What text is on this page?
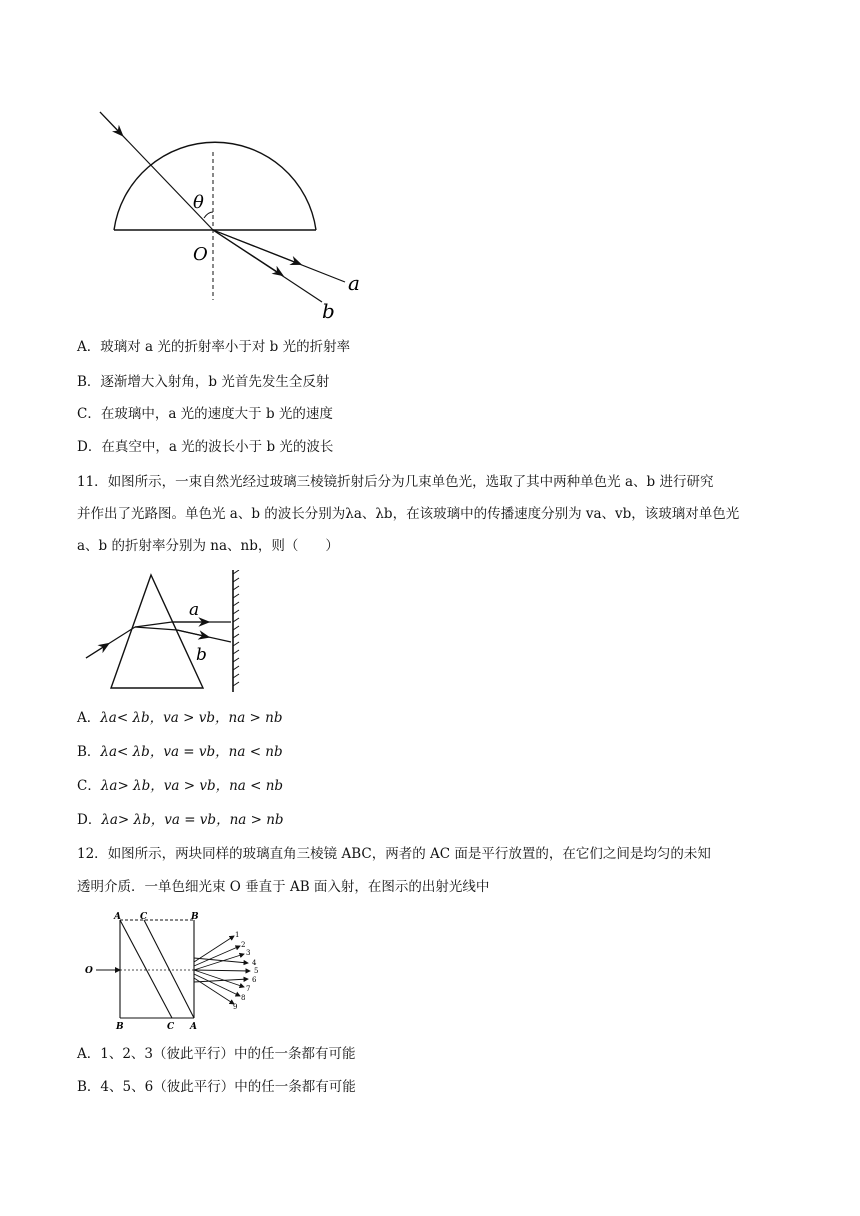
θ
O
a
b
A．玻璃对 a 光的折射率小于对 b 光的折射率
B．逐渐增大入射角，b 光首先发生全反射
C．在玻璃中，a 光的速度大于 b 光的速度
D．在真空中，a 光的波长小于 b 光的波长
11．如图所示，一束自然光经过玻璃三棱镜折射后分为几束单色光，选取了其中两种单色光 a、b 进行研究
并作出了光路图。单色光 a、b 的波长分别为λa、λb，在该玻璃中的传播速度分别为 va、vb，该玻璃对单色光
a、b 的折射率分别为 na、nb，则（　　）
a
b
A．λa< λb，va > vb，na > nb
B．λa< λb，va = vb，na < nb
C．λa> λb，va > vb，na < nb
D．λa> λb，va = vb，na > nb
12．如图所示，两块同样的玻璃直角三棱镜 ABC，两者的 AC 面是平行放置的，在它们之间是均匀的未知
透明介质．一单色细光束 O 垂直于 AB 面入射，在图示的出射光线中
A C	B
B	C A
O
1
2
3
4
5
6
7
8
9
A．1、2、3（彼此平行）中的任一条都有可能
B．4、5、6（彼此平行）中的任一条都有可能
